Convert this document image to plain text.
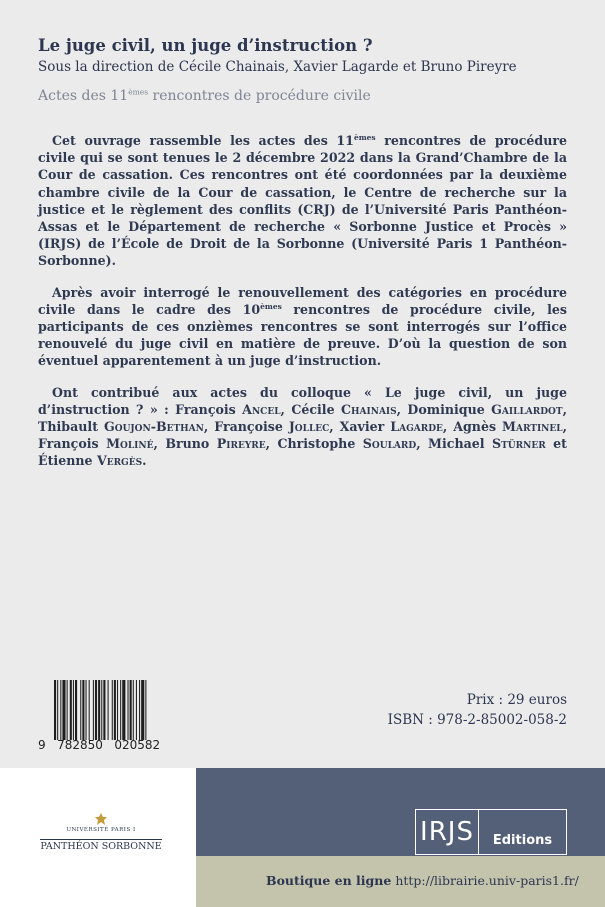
Le juge civil, un juge d’instruction ?
Sous la direction de Cécile Chainais, Xavier Lagarde et Bruno Pireyre
Actes des 11èmes rencontres de procédure civile

Cet ouvrage rassemble les actes des 11èmes rencontres de procédure civile qui se sont tenues le 2 décembre 2022 dans la Grand’Chambre de la Cour de cassation. Ces rencontres ont été coordonnées par la deuxième chambre civile de la Cour de cassation, le Centre de recherche sur la justice et le règlement des conflits (CRJ) de l’Université Paris Panthéon-Assas et le Département de recherche « Sorbonne Justice et Procès » (IRJS) de l’École de Droit de la Sorbonne (Université Paris 1 Panthéon-Sorbonne).

Après avoir interrogé le renouvellement des catégories en procédure civile dans le cadre des 10èmes rencontres de procédure civile, les participants de ces onzièmes rencontres se sont interrogés sur l’office renouvelé du juge civil en matière de preuve. D’où la question de son éventuel apparentement à un juge d’instruction.

Ont contribué aux actes du colloque « Le juge civil, un juge d’instruction ? » : François Ancel, Cécile Chainais, Dominique Gaillardot, Thibault Goujon-Bethan, Françoise Jollec, Xavier Lagarde, Agnès Martinel, François Moliné, Bruno Pireyre, Christophe Soulard, Michael Stürner et Étienne Vergès.

9   782850   020582
Prix : 29 euros
ISBN : 978-2-85002-058-2
UNIVERSITÉ PARIS I
PANTHÉON SORBONNE	IRJS	Editions
Boutique en ligne http://librairie.univ-paris1.fr/
